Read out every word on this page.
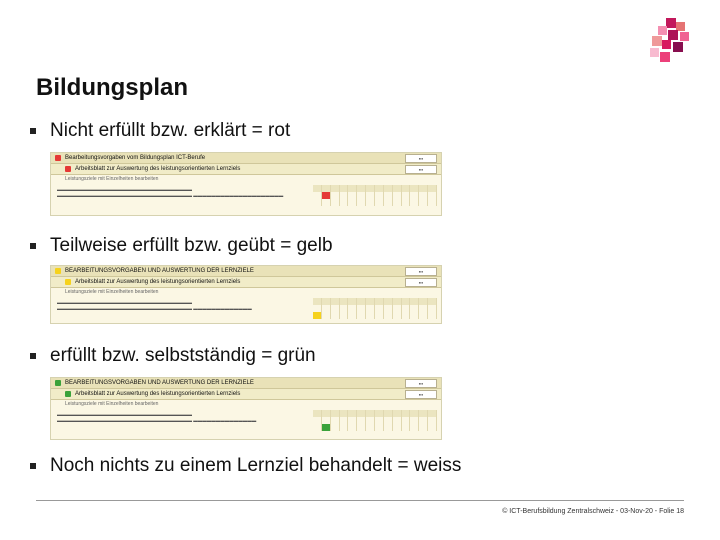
Bildungsplan
Nicht erfüllt bzw. erklärt = rot
Bearbeitungsvorgaben vom Bildungsplan ICT-Berufe	▪▪▪
Arbeitsblatt zur Auswertung des leistungsorientierten Lernziels	▪▪▪
Leistungsziele mit Einzelheiten bearbeiten
▬▬▬▬▬▬▬▬▬▬▬▬▬▬▬▬▬▬▬▬▬▬▬▬▬▬▬▬▬▬ ▬▬▬▬▬▬▬▬▬▬▬▬▬▬▬▬▬▬▬▬▬▬▬▬▬▬▬▬▬▬ ▬▬▬▬▬▬▬▬▬▬▬▬▬▬▬▬▬▬▬▬
Teilweise erfüllt bzw. geübt = gelb
BEARBEITUNGSVORGABEN UND AUSWERTUNG DER LERNZIELE	▪▪▪
Arbeitsblatt zur Auswertung des leistungsorientierten Lernziels	▪▪▪
Leistungsziele mit Einzelheiten bearbeiten
▬▬▬▬▬▬▬▬▬▬▬▬▬▬▬▬▬▬▬▬▬▬▬▬▬▬▬▬▬▬ ▬▬▬▬▬▬▬▬▬▬▬▬▬▬▬▬▬▬▬▬▬▬▬▬▬▬▬▬▬▬ ▬▬▬▬▬▬▬▬▬▬▬▬▬
erfüllt bzw. selbstständig = grün
BEARBEITUNGSVORGABEN UND AUSWERTUNG DER LERNZIELE	▪▪▪
Arbeitsblatt zur Auswertung des leistungsorientierten Lernziels	▪▪▪
Leistungsziele mit Einzelheiten bearbeiten
▬▬▬▬▬▬▬▬▬▬▬▬▬▬▬▬▬▬▬▬▬▬▬▬▬▬▬▬▬▬ ▬▬▬▬▬▬▬▬▬▬▬▬▬▬▬▬▬▬▬▬▬▬▬▬▬▬▬▬▬▬ ▬▬▬▬▬▬▬▬▬▬▬▬▬▬
Noch nichts zu einem Lernziel behandelt = weiss
© ICT-Berufsbildung Zentralschweiz - 03-Nov-20 - Folie 18
